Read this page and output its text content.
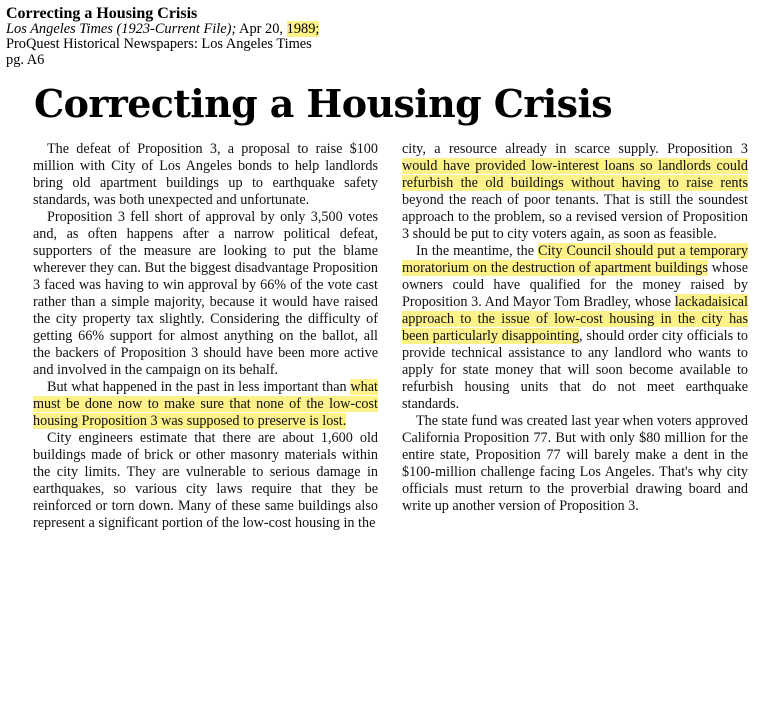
Correcting a Housing Crisis
Los Angeles Times (1923-Current File); Apr 20, 1989;
ProQuest Historical Newspapers: Los Angeles Times
pg. A6
Correcting a Housing Crisis

The defeat of Proposition 3, a proposal to raise $100 million with City of Los Angeles bonds to help landlords bring old apartment buildings up to earthquake safety standards, was both unexpected and unfortunate.

Proposition 3 fell short of approval by only 3,500 votes and, as often happens after a narrow political defeat, supporters of the measure are looking to put the blame wherever they can. But the biggest disadvantage Proposition 3 faced was having to win approval by 66% of the vote cast rather than a simple majority, because it would have raised the city property tax slightly. Considering the difficulty of getting 66% support for almost anything on the ballot, all the backers of Proposition 3 should have been more active and involved in the campaign on its behalf.

But what happened in the past in less important than what must be done now to make sure that none of the low-cost housing Proposition 3 was supposed to preserve is lost.

City engineers estimate that there are about 1,600 old buildings made of brick or other masonry materials within the city limits. They are vulnerable to serious damage in earthquakes, so various city laws require that they be reinforced or torn down. Many of these same buildings also represent a significant portion of the low-cost housing in the

city, a resource already in scarce supply. Proposition 3 would have provided low-interest loans so landlords could refurbish the old buildings without having to raise rents beyond the reach of poor tenants. That is still the soundest approach to the problem, so a revised version of Proposition 3 should be put to city voters again, as soon as feasible.

In the meantime, the City Council should put a temporary moratorium on the destruction of apartment buildings whose owners could have qualified for the money raised by Proposition 3. And Mayor Tom Bradley, whose lackadaisical approach to the issue of low-cost housing in the city has been particularly disappointing, should order city officials to provide technical assistance to any landlord who wants to apply for state money that will soon become available to refurbish housing units that do not meet earthquake standards.

The state fund was created last year when voters approved California Proposition 77. But with only $80 million for the entire state, Proposition 77 will barely make a dent in the $100-million challenge facing Los Angeles. That's why city officials must return to the proverbial drawing board and write up another version of Proposition 3.
